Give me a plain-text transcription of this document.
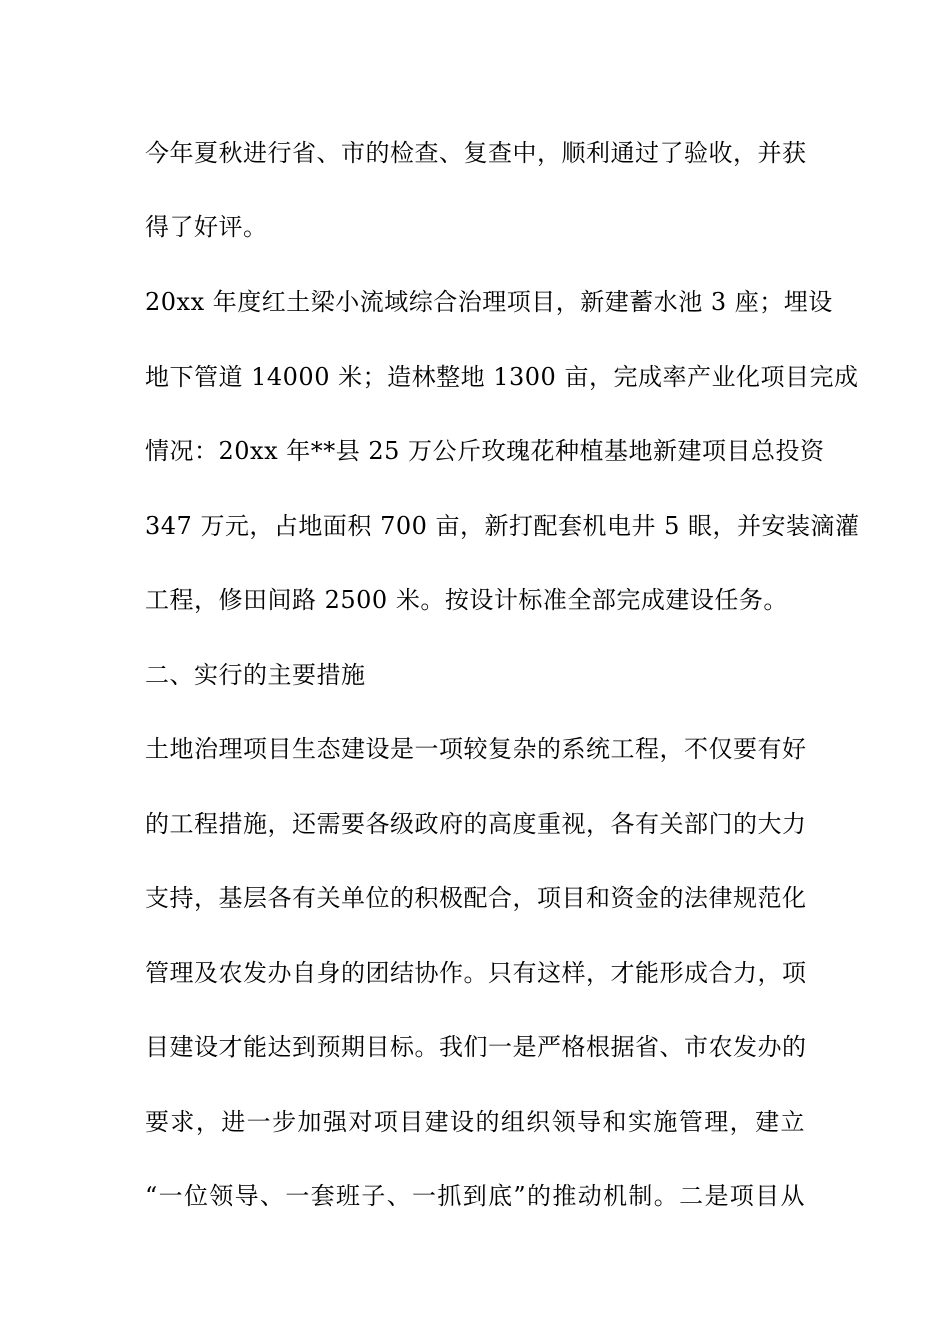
今年夏秋进行省、市的检查、复查中，顺利通过了验收，并获
得了好评。
20xx 年度红土梁小流域综合治理项目，新建蓄水池 3 座；埋设
地下管道 14000 米；造林整地 1300 亩，完成率产业化项目完成
情况：20xx 年**县 25 万公斤玫瑰花种植基地新建项目总投资
347 万元，占地面积 700 亩，新打配套机电井 5 眼，并安装滴灌
工程，修田间路 2500 米。按设计标准全部完成建设任务。
二、实行的主要措施
土地治理项目生态建设是一项较复杂的系统工程，不仅要有好
的工程措施，还需要各级政府的高度重视，各有关部门的大力
支持，基层各有关单位的积极配合，项目和资金的法律规范化
管理及农发办自身的团结协作。只有这样，才能形成合力，项
目建设才能达到预期目标。我们一是严格根据省、市农发办的
要求，进一步加强对项目建设的组织领导和实施管理，建立
“一位领导、一套班子、一抓到底”的推动机制。二是项目从
